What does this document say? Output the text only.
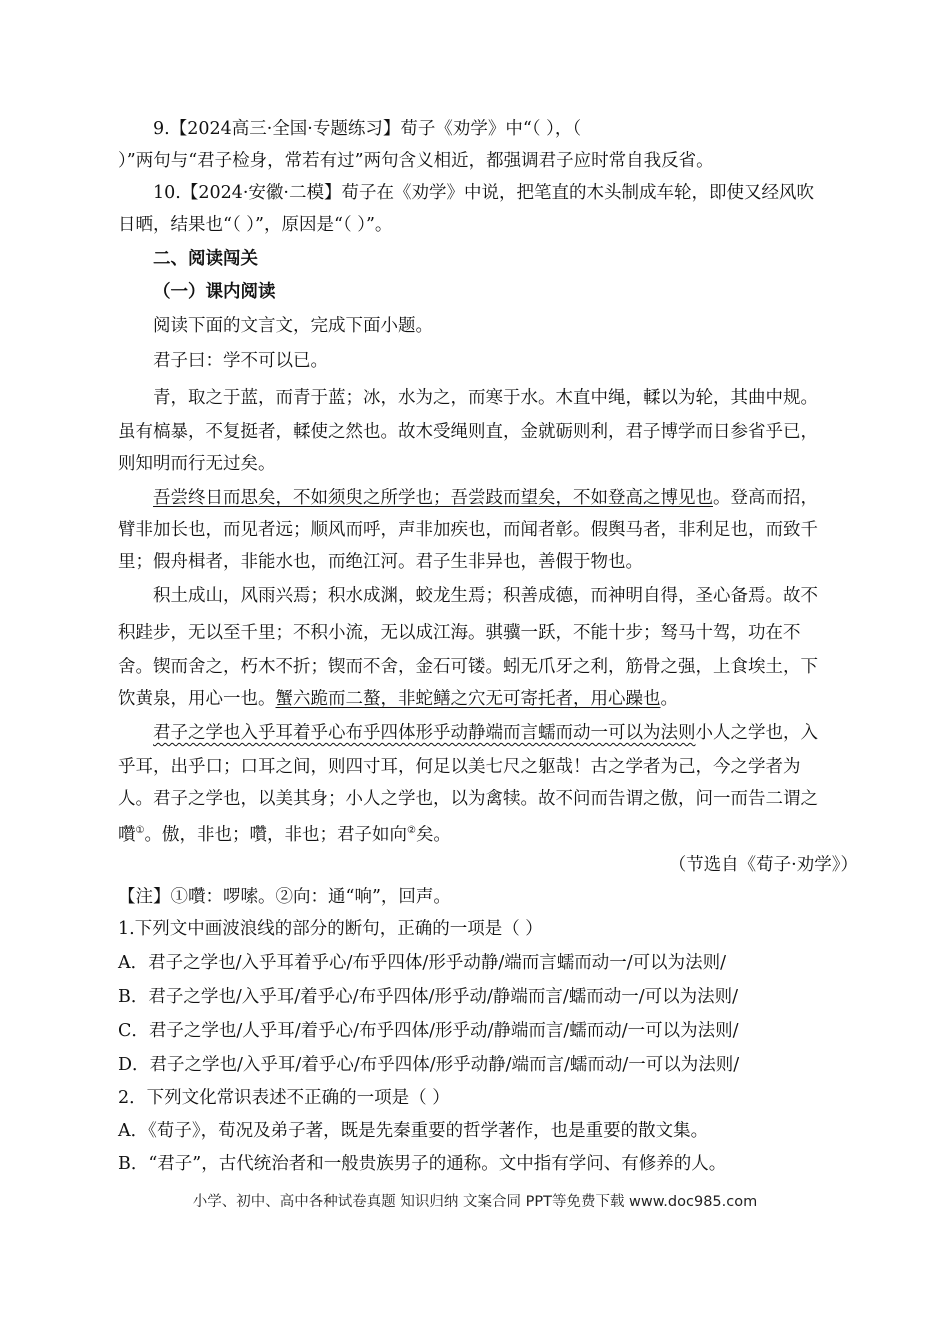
9.【2024高三·全国·专题练习】荀子《劝学》中“（ ），（
）”两句与“君子检身，常若有过”两句含义相近，都强调君子应时常自我反省。
10.【2024·安徽·二模】荀子在《劝学》中说，把笔直的木头制成车轮，即使又经风吹
日晒，结果也“（ ）”，原因是“（ ）”。
二、阅读闯关
（一）课内阅读
阅读下面的文言文，完成下面小题。
君子曰：学不可以已。
青，取之于蓝，而青于蓝；冰，水为之，而寒于水。木直中绳，輮以为轮，其曲中规。
虽有槁暴，不复挺者，輮使之然也。故木受绳则直，金就砺则利，君子博学而日参省乎已，
则知明而行无过矣。
吾尝终日而思矣，不如须臾之所学也；吾尝跂而望矣，不如登高之博见也。登高而招，
臂非加长也，而见者远；顺风而呼，声非加疾也，而闻者彰。假舆马者，非利足也，而致千
里；假舟楫者，非能水也，而绝江河。君子生非异也，善假于物也。
积土成山，风雨兴焉；积水成渊，蛟龙生焉；积善成德，而神明自得，圣心备焉。故不
积跬步，无以至千里；不积小流，无以成江海。骐骥一跃，不能十步；驽马十驾，功在不
舍。锲而舍之，朽木不折；锲而不舍，金石可镂。蚓无爪牙之利，筋骨之强，上食埃土，下
饮黄泉，用心一也。蟹六跪而二螯，非蛇鳝之穴无可寄托者，用心躁也。
君子之学也入乎耳着乎心布乎四体形乎动静端而言蠕而动一可以为法则小人之学也，入
乎耳，出乎口；口耳之间，则四寸耳，何足以美七尺之躯哉！古之学者为己，今之学者为
人。君子之学也，以美其身；小人之学也，以为禽犊。故不问而告谓之傲，问一而告二谓之
囋①。傲，非也；囋，非也；君子如向②矣。
（节选自《荀子·劝学》）
【注】①囋：啰嗦。②向：通“响”，回声。
1.下列文中画波浪线的部分的断句，正确的一项是（ ）
A．君子之学也/入乎耳着乎心/布乎四体/形乎动静/端而言蠕而动一/可以为法则/
B．君子之学也/入乎耳/着乎心/布乎四体/形乎动/静端而言/蠕而动一/可以为法则/
C．君子之学也/人乎耳/着乎心/布乎四体/形乎动/静端而言/蠕而动/一可以为法则/
D．君子之学也/入乎耳/着乎心/布乎四体/形乎动静/端而言/蠕而动/一可以为法则/
2．下列文化常识表述不正确的一项是（ ）
A．《荀子》，荀况及弟子著，既是先秦重要的哲学著作，也是重要的散文集。
B．“君子”，古代统治者和一般贵族男子的通称。文中指有学问、有修养的人。
小学、初中、高中各种试卷真题 知识归纳 文案合同 PPT等免费下载 www.doc985.com
